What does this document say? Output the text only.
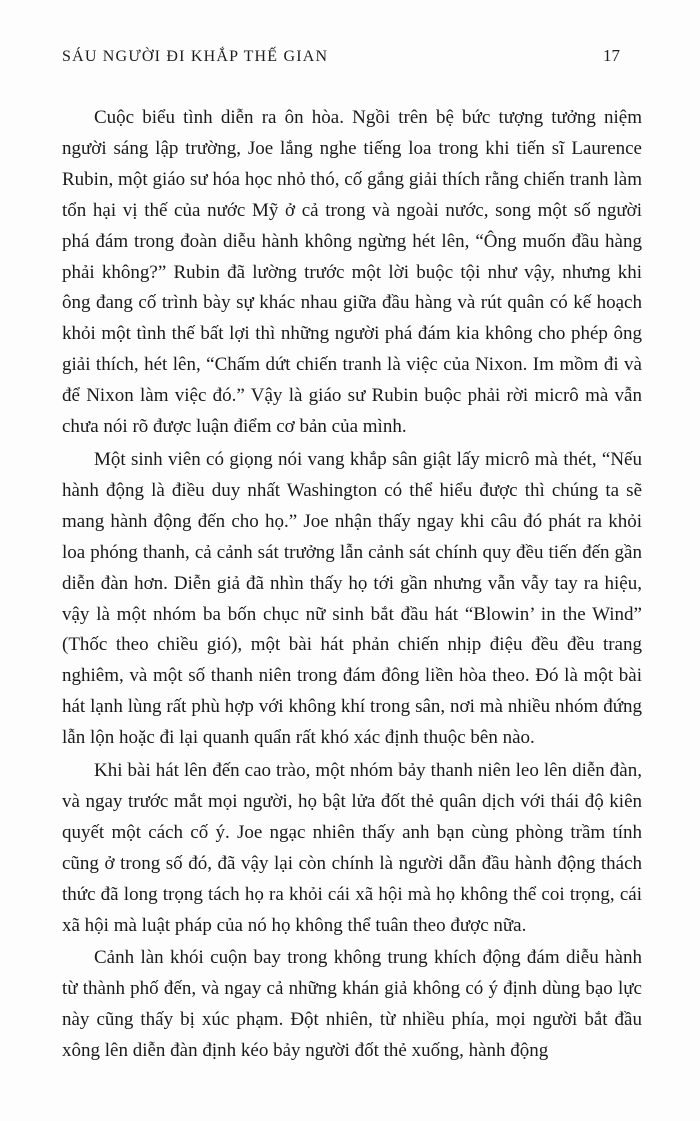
SÁU NGƯỜI ĐI KHẮP THẾ GIAN	17

Cuộc biểu tình diễn ra ôn hòa. Ngồi trên bệ bức tượng tưởng niệm người sáng lập trường, Joe lắng nghe tiếng loa trong khi tiến sĩ Laurence Rubin, một giáo sư hóa học nhỏ thó, cố gắng giải thích rằng chiến tranh làm tổn hại vị thế của nước Mỹ ở cả trong và ngoài nước, song một số người phá đám trong đoàn diễu hành không ngừng hét lên, “Ông muốn đầu hàng phải không?” Rubin đã lường trước một lời buộc tội như vậy, nhưng khi ông đang cố trình bày sự khác nhau giữa đầu hàng và rút quân có kế hoạch khỏi một tình thế bất lợi thì những người phá đám kia không cho phép ông giải thích, hét lên, “Chấm dứt chiến tranh là việc của Nixon. Im mồm đi và để Nixon làm việc đó.” Vậy là giáo sư Rubin buộc phải rời micrô mà vẫn chưa nói rõ được luận điểm cơ bản của mình.

Một sinh viên có giọng nói vang khắp sân giật lấy micrô mà thét, “Nếu hành động là điều duy nhất Washington có thể hiểu được thì chúng ta sẽ mang hành động đến cho họ.” Joe nhận thấy ngay khi câu đó phát ra khỏi loa phóng thanh, cả cảnh sát trưởng lẫn cảnh sát chính quy đều tiến đến gần diễn đàn hơn. Diễn giả đã nhìn thấy họ tới gần nhưng vẫn vẫy tay ra hiệu, vậy là một nhóm ba bốn chục nữ sinh bắt đầu hát “Blowin’ in the Wind” (Thốc theo chiều gió), một bài hát phản chiến nhịp điệu đều đều trang nghiêm, và một số thanh niên trong đám đông liền hòa theo. Đó là một bài hát lạnh lùng rất phù hợp với không khí trong sân, nơi mà nhiều nhóm đứng lẫn lộn hoặc đi lại quanh quẩn rất khó xác định thuộc bên nào.

Khi bài hát lên đến cao trào, một nhóm bảy thanh niên leo lên diễn đàn, và ngay trước mắt mọi người, họ bật lửa đốt thẻ quân dịch với thái độ kiên quyết một cách cố ý. Joe ngạc nhiên thấy anh bạn cùng phòng trầm tính cũng ở trong số đó, đã vậy lại còn chính là người dẫn đầu hành động thách thức đã long trọng tách họ ra khỏi cái xã hội mà họ không thể coi trọng, cái xã hội mà luật pháp của nó họ không thể tuân theo được nữa.

Cảnh làn khói cuộn bay trong không trung khích động đám diễu hành từ thành phố đến, và ngay cả những khán giả không có ý định dùng bạo lực này cũng thấy bị xúc phạm. Đột nhiên, từ nhiều phía, mọi người bắt đầu xông lên diễn đàn định kéo bảy người đốt thẻ xuống, hành động
